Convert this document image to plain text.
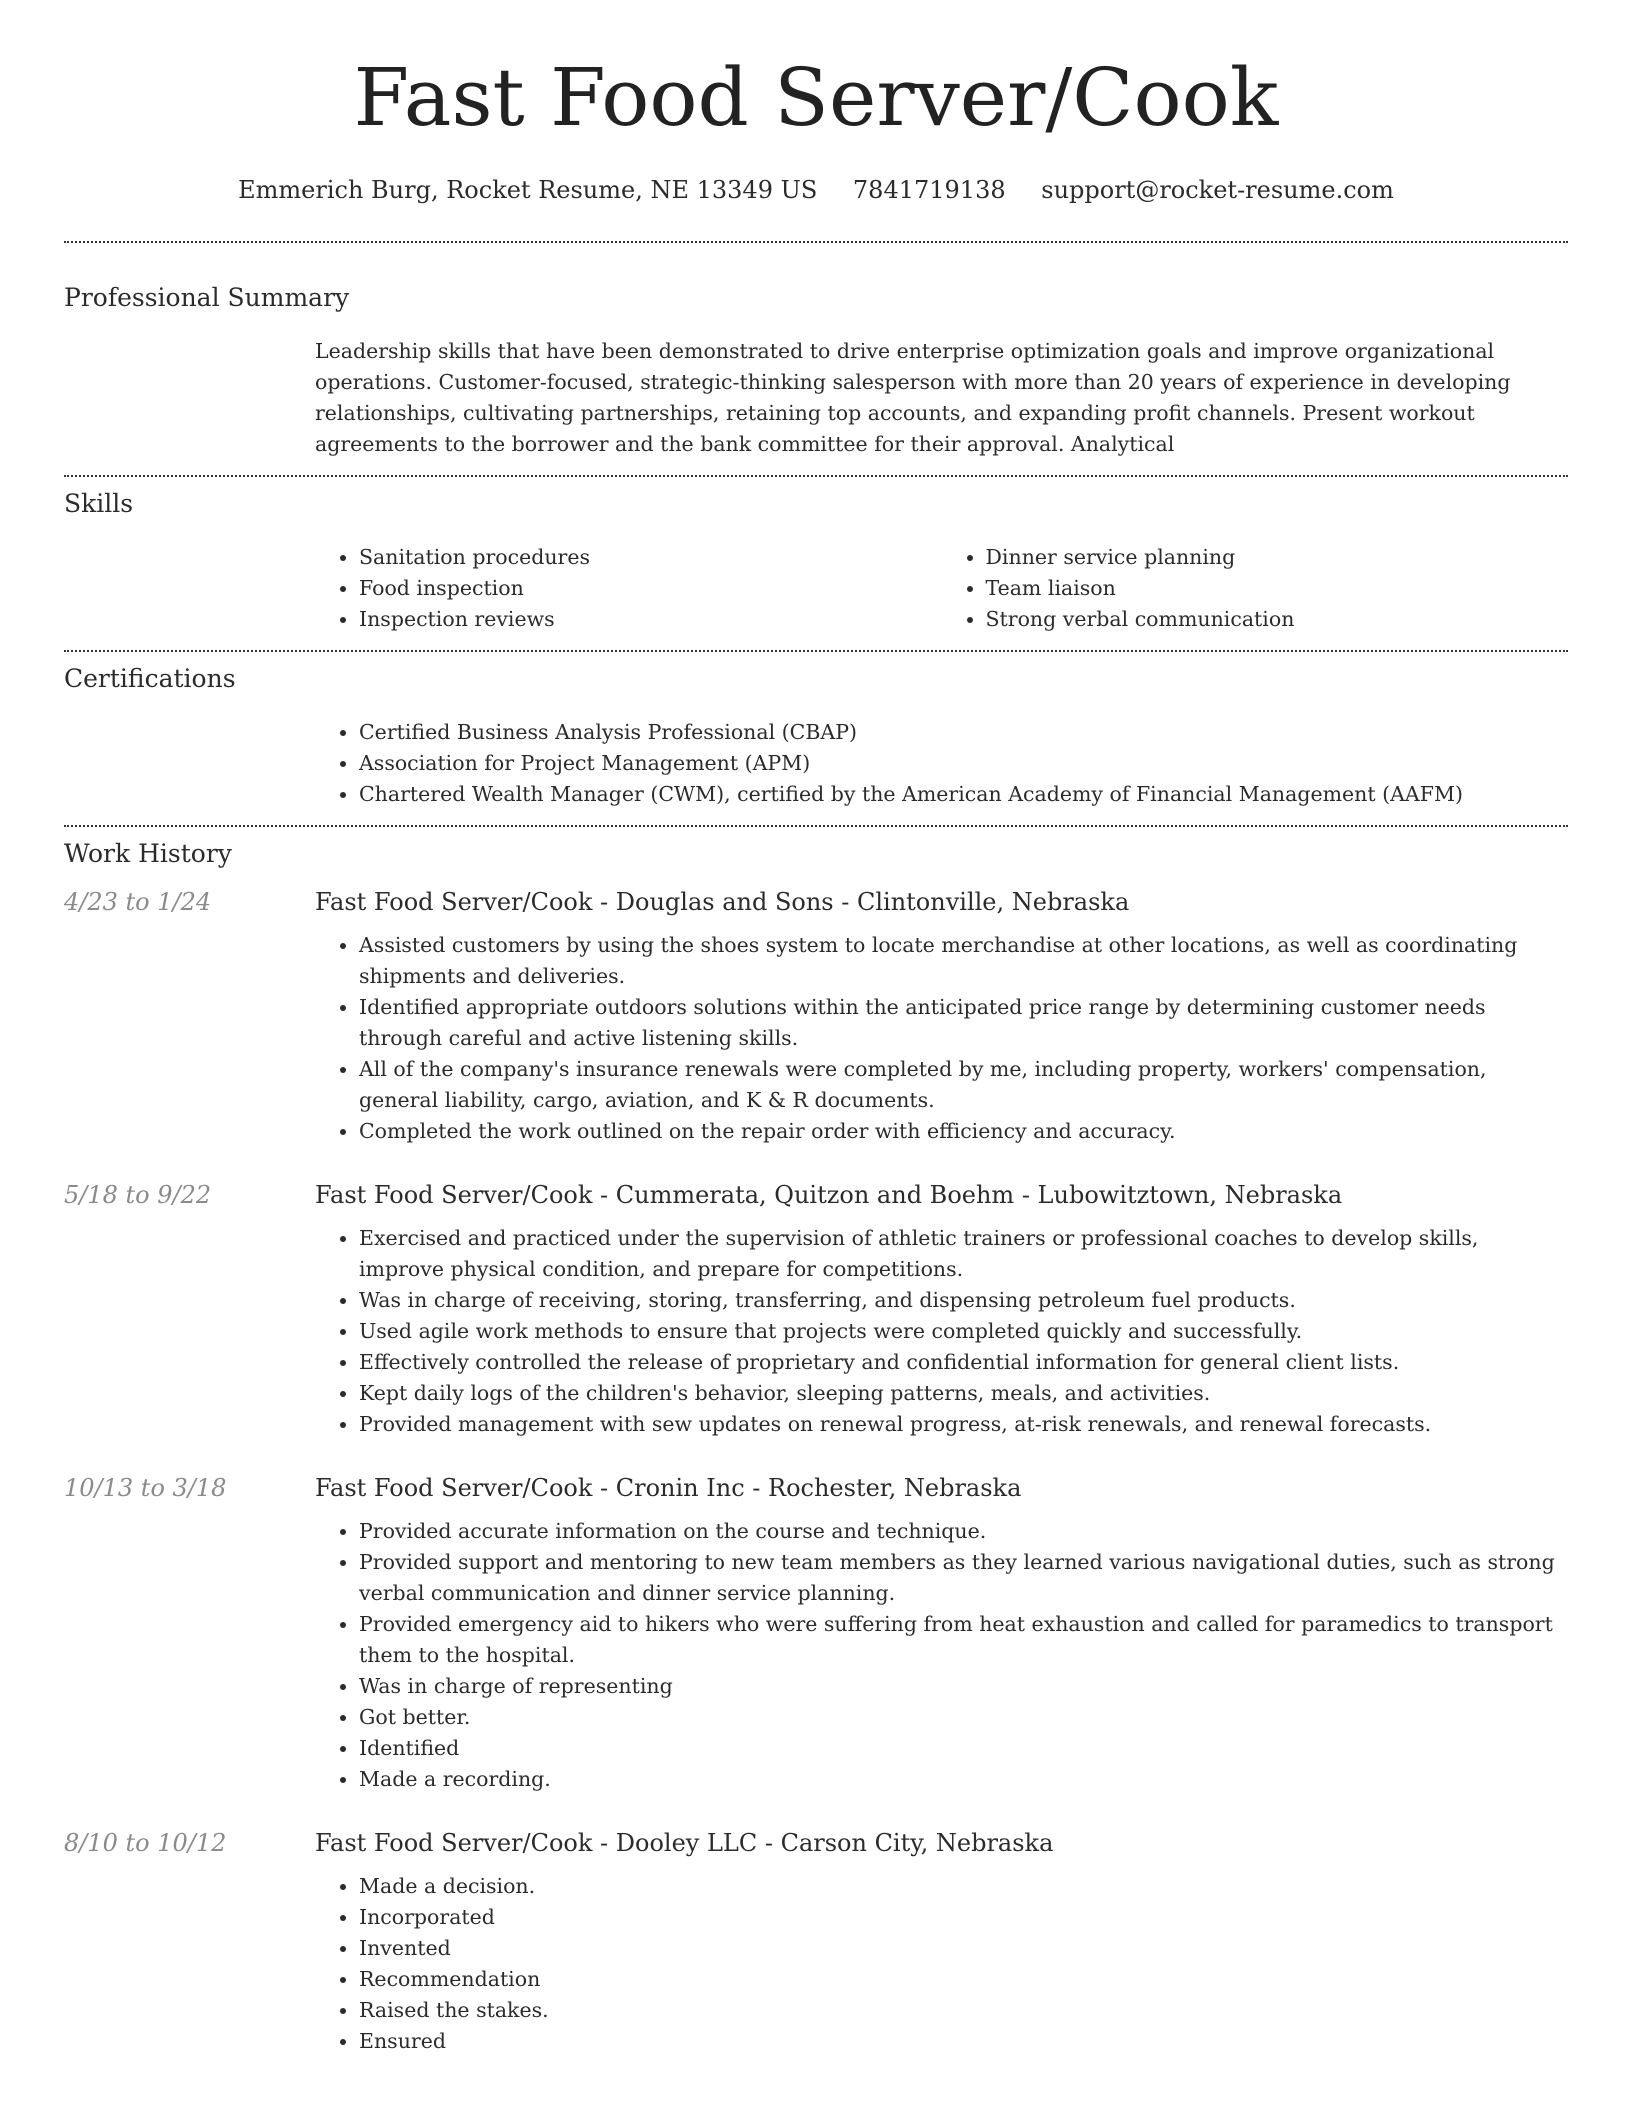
Fast Food Server/Cook
Emmerich Burg, Rocket Resume, NE 13349 US 7841719138 support@rocket-resume.com
Professional Summary

Leadership skills that have been demonstrated to drive enterprise optimization goals and improve organizational operations. Customer-focused, strategic-thinking salesperson with more than 20 years of experience in developing relationships, cultivating partnerships, retaining top accounts, and expanding profit channels. Present workout agreements to the borrower and the bank committee for their approval. Analytical

Skills
• Sanitation procedures
• Food inspection
• Inspection reviews
• Dinner service planning
• Team liaison
• Strong verbal communication
Certifications
• Certified Business Analysis Professional (CBAP)
• Association for Project Management (APM)
• Chartered Wealth Manager (CWM), certified by the American Academy of Financial Management (AAFM)
Work History
4/23 to 1/24	Fast Food Server/Cook - Douglas and Sons - Clintonville, Nebraska
• Assisted customers by using the shoes system to locate merchandise at other locations, as well as coordinating shipments and deliveries.
• Identified appropriate outdoors solutions within the anticipated price range by determining customer needs through careful and active listening skills.
• All of the company's insurance renewals were completed by me, including property, workers' compensation, general liability, cargo, aviation, and K & R documents.
• Completed the work outlined on the repair order with efficiency and accuracy.
5/18 to 9/22	Fast Food Server/Cook - Cummerata, Quitzon and Boehm - Lubowitztown, Nebraska
• Exercised and practiced under the supervision of athletic trainers or professional coaches to develop skills, improve physical condition, and prepare for competitions.
• Was in charge of receiving, storing, transferring, and dispensing petroleum fuel products.
• Used agile work methods to ensure that projects were completed quickly and successfully.
• Effectively controlled the release of proprietary and confidential information for general client lists.
• Kept daily logs of the children's behavior, sleeping patterns, meals, and activities.
• Provided management with sew updates on renewal progress, at-risk renewals, and renewal forecasts.
10/13 to 3/18	Fast Food Server/Cook - Cronin Inc - Rochester, Nebraska
• Provided accurate information on the course and technique.
• Provided support and mentoring to new team members as they learned various navigational duties, such as strong verbal communication and dinner service planning.
• Provided emergency aid to hikers who were suffering from heat exhaustion and called for paramedics to transport them to the hospital.
• Was in charge of representing
• Got better.
• Identified
• Made a recording.
8/10 to 10/12	Fast Food Server/Cook - Dooley LLC - Carson City, Nebraska
• Made a decision.
• Incorporated
• Invented
• Recommendation
• Raised the stakes.
• Ensured
